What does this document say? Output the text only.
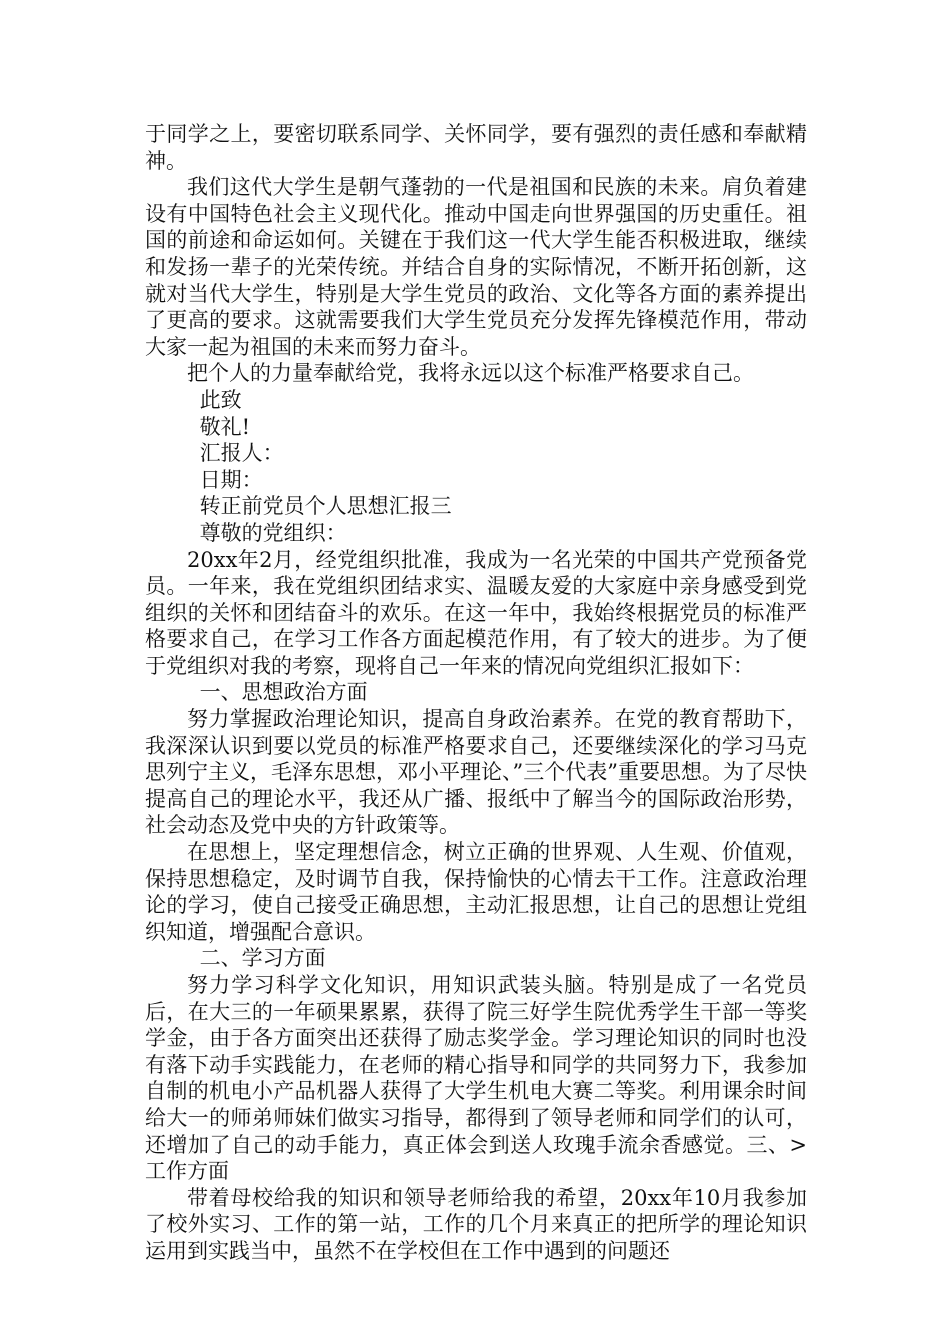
于同学之上，要密切联系同学、关怀同学，要有强烈的责任感和奉献精神。

我们这代大学生是朝气蓬勃的一代是祖国和民族的未来。肩负着建设有中国特色社会主义现代化。推动中国走向世界强国的历史重任。祖国的前途和命运如何。关键在于我们这一代大学生能否积极进取，继续和发扬一辈子的光荣传统。并结合自身的实际情况，不断开拓创新，这就对当代大学生，特别是大学生党员的政治、文化等各方面的素养提出了更高的要求。这就需要我们大学生党员充分发挥先锋模范作用，带动大家一起为祖国的未来而努力奋斗。

把个人的力量奉献给党，我将永远以这个标准严格要求自己。

此致

敬礼!

汇报人：

日期：

转正前党员个人思想汇报三

尊敬的党组织：

20xx年2月，经党组织批准，我成为一名光荣的中国共产党预备党员。一年来，我在党组织团结求实、温暖友爱的大家庭中亲身感受到党组织的关怀和团结奋斗的欢乐。在这一年中，我始终根据党员的标准严格要求自己，在学习工作各方面起模范作用，有了较大的进步。为了便于党组织对我的考察，现将自己一年来的情况向党组织汇报如下：

一、思想政治方面

努力掌握政治理论知识，提高自身政治素养。在党的教育帮助下，我深深认识到要以党员的标准严格要求自己，还要继续深化的学习马克思列宁主义，毛泽东思想，邓小平理论、”三个代表”重要思想。为了尽快提高自己的理论水平，我还从广播、报纸中了解当今的国际政治形势，社会动态及党中央的方针政策等。

在思想上，坚定理想信念，树立正确的世界观、人生观、价值观，保持思想稳定，及时调节自我，保持愉快的心情去干工作。注意政治理论的学习，使自己接受正确思想，主动汇报思想，让自己的思想让党组织知道，增强配合意识。

二、学习方面

努力学习科学文化知识，用知识武装头脑。特别是成了一名党员后，在大三的一年硕果累累，获得了院三好学生院优秀学生干部一等奖学金，由于各方面突出还获得了励志奖学金。学习理论知识的同时也没有落下动手实践能力，在老师的精心指导和同学的共同努力下，我参加自制的机电小产品机器人获得了大学生机电大赛二等奖。利用课余时间给大一的师弟师妹们做实习指导，都得到了领导老师和同学们的认可，还增加了自己的动手能力，真正体会到送人玫瑰手流余香感觉。三、>工作方面

带着母校给我的知识和领导老师给我的希望，20xx年10月我参加了校外实习、工作的第一站，工作的几个月来真正的把所学的理论知识运用到实践当中，虽然不在学校但在工作中遇到的问题还
